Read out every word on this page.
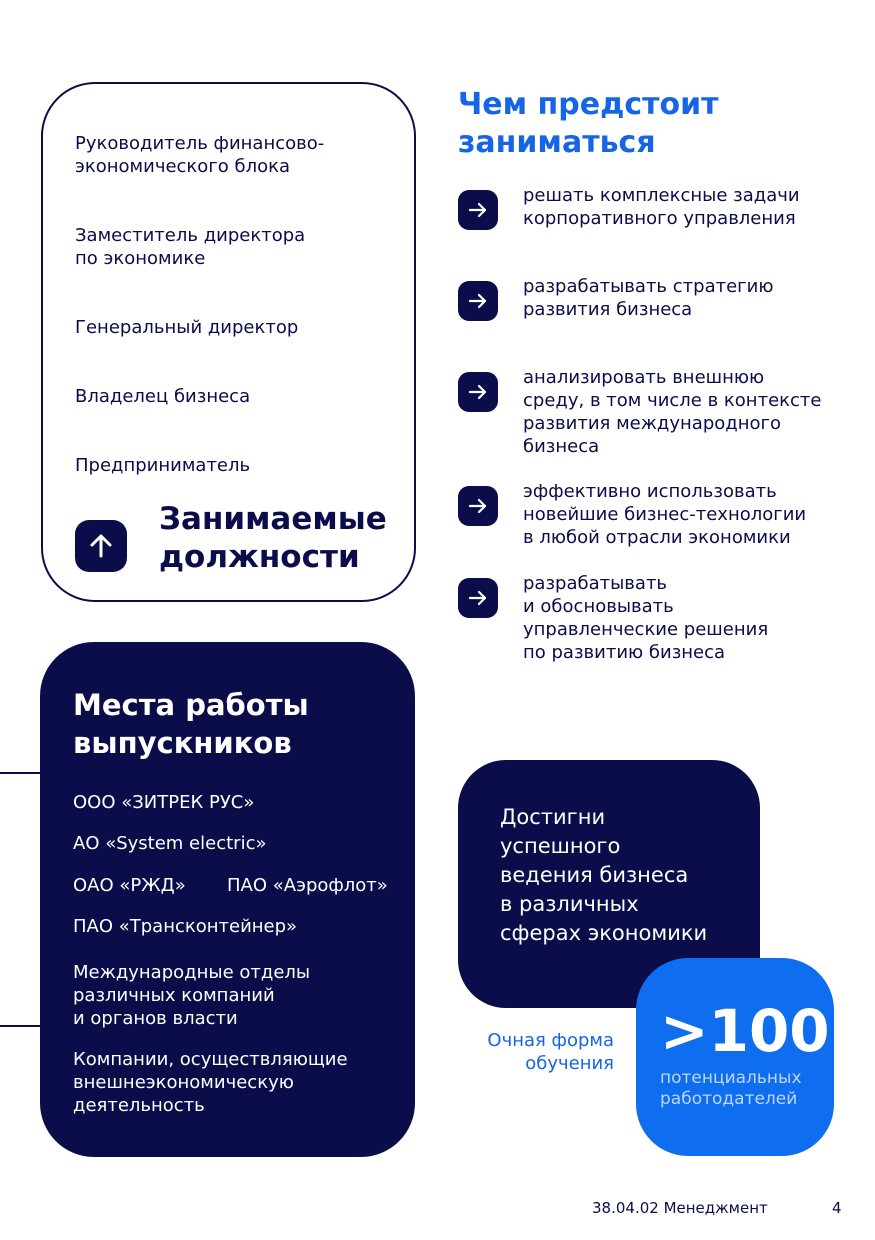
Руководитель финансово-
экономического блока
Заместитель директора
по экономике
Генеральный директор
Владелец бизнеса
Предприниматель
Занимаемые
должности
Чем предстоит
заниматься
решать комплексные задачи
корпоративного управления
разрабатывать стратегию
развития бизнеса
анализировать внешнюю
среду, в том числе в контексте
развития международного
бизнеса
эффективно использовать
новейшие бизнес-технологии
в любой отрасли экономики
разрабатывать
и обосновывать
управленческие решения
по развитию бизнеса
Места работы
выпускников
ООО «ЗИТРЕК РУС»
АО «System electric»
ОАО «РЖД» ПАО «Аэрофлот»
ПАО «Трансконтейнер»
Международные отделы
различных компаний
и органов власти
Компании, осуществляющие
внешнеэкономическую
деятельность
Достигни
успешного
ведения бизнеса
в различных
сферах экономики
Очная форма
обучения >100
потенциальных
работодателей
38.04.02 Менеджмент	4
